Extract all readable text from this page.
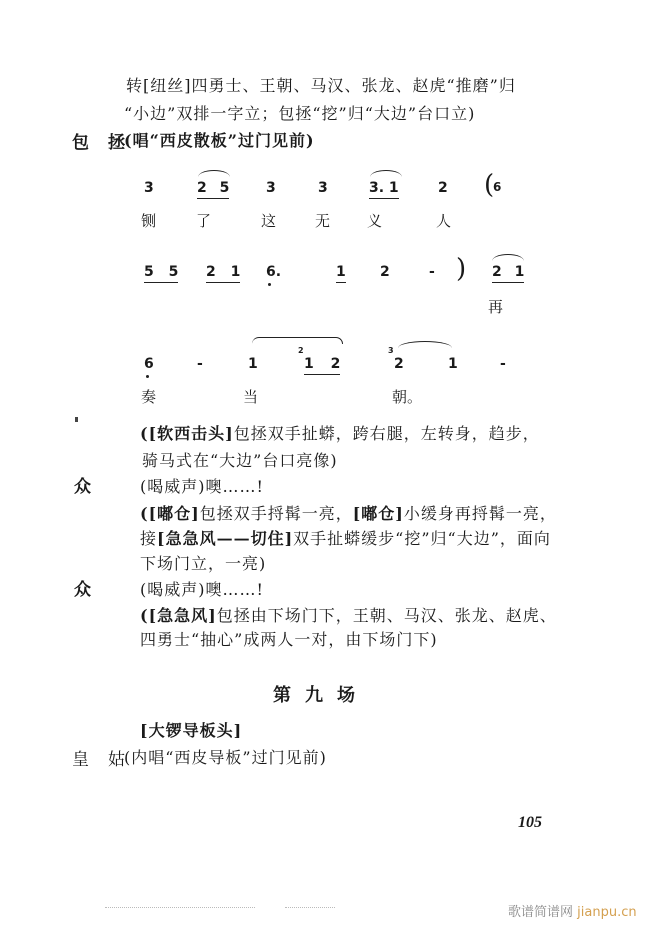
转[纽丝]四勇士、王朝、马汉、张龙、赵虎“推磨”归
“小边”双排一字立；包拯“挖”归“大边”台口立)
包　拯
(唱“西皮散板”过门见前)
3	2 5	3	3	3. 1	2 (
6
铡	了	这	无 义	人
5 5 2 1 6.	1 2	- ) 2 1
再
6	-	1
2
1 2
3
2	1	-
奏	当	朝。
([软西击头]包拯双手扯蟒，跨右腿，左转身，趋步，
骑马式在“大边”台口亮像)
众	(喝威声)噢……!
([嘟仓]包拯双手捋髯一亮，[嘟仓]小缓身再捋髯一亮，
接[急急风——切住]双手扯蟒缓步“挖”归“大边”，面向
下场门立，一亮)
众	(喝威声)噢……!
([急急风]包拯由下场门下，王朝、马汉、张龙、赵虎、
四勇士“抽心”成两人一对，由下场门下)
第九场
[大锣导板头]
皇　姑
(内唱“西皮导板”过门见前)
105
歌谱简谱网 jianpu.cn
